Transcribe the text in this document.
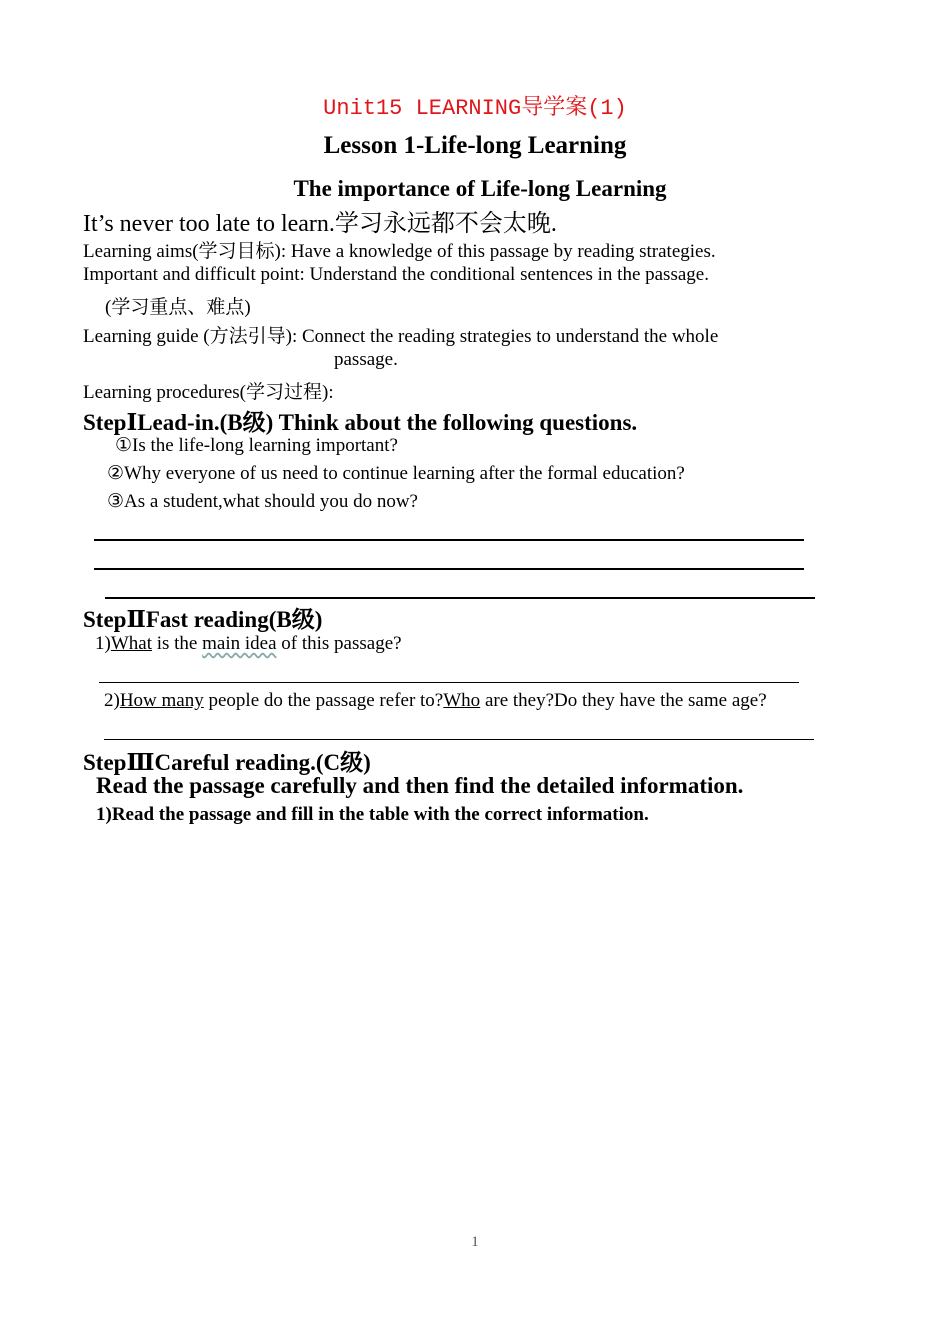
Unit15 LEARNING导学案(1)
Lesson 1-Life-long Learning
The importance of Life-long Learning
It’s never too late to learn.学习永远都不会太晚.
Learning aims(学习目标): Have a knowledge of this passage by reading strategies.
Important and difficult point: Understand the conditional sentences in the passage.
(学习重点、难点)
Learning guide (方法引导): Connect the reading strategies to understand the whole
passage.
Learning procedures(学习过程):
StepⅠLead-in.(B级) Think about the following questions.
①Is the life-long learning important?
②Why everyone of us need to continue learning after the formal education?
③As a student,what should you do now?
StepⅡFast reading(B级)
1)What is the main idea of this passage?
2)How many people do the passage refer to?Who are they?Do they have the same age?
StepⅢCareful reading.(C级)
Read the passage carefully and then find the detailed information.
1)Read the passage and fill in the table with the correct information.
1
